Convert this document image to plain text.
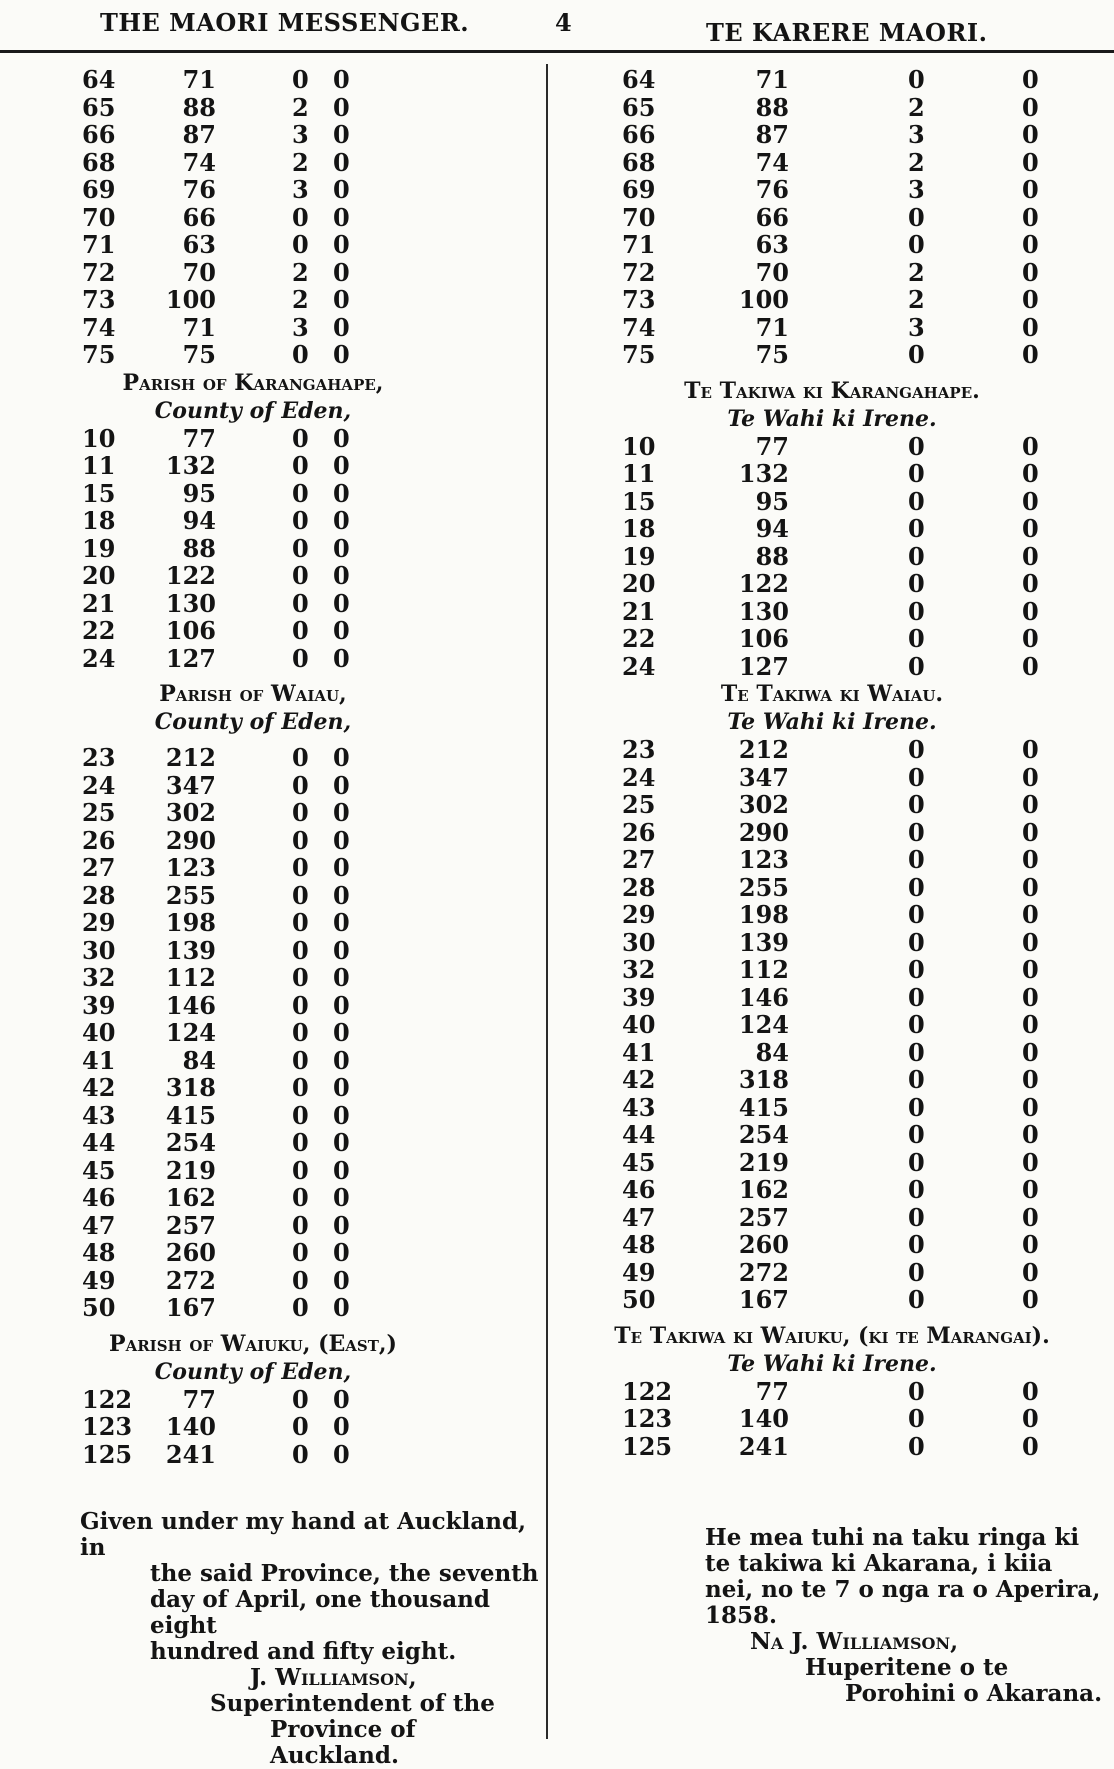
THE MAORI MESSENGER.	4	TE KARERE MAORI.
64	71	0 0
65	88	2 0
66	87	3 0
68	74	2 0
69	76	3 0
70	66	0 0
71	63	0 0
72	70	2 0
73	100	2 0
74	71	3 0
75	75	0 0
Parish of Karangahape,
County of Eden,
10	77	0 0
11	132	0 0
15	95	0 0
18	94	0 0
19	88	0 0
20	122	0 0
21	130	0 0
22	106	0 0
24	127	0 0
Parish of Waiau,
County of Eden,
23	212	0 0
24	347	0 0
25	302	0 0
26	290	0 0
27	123	0 0
28	255	0 0
29	198	0 0
30	139	0 0
32	112	0 0
39	146	0 0
40	124	0 0
41	84	0 0
42	318	0 0
43	415	0 0
44	254	0 0
45	219	0 0
46	162	0 0
47	257	0 0
48	260	0 0
49	272	0 0
50	167	0 0
Parish of Waiuku, (East,)
County of Eden,
122	77	0 0
123	140	0 0
125	241	0 0
64	71	0	0
65	88	2	0
66	87	3	0
68	74	2	0
69	76	3	0
70	66	0	0
71	63	0	0
72	70	2	0
73	100	2	0
74	71	3	0
75	75	0	0
Te Takiwa ki Karangahape.
Te Wahi ki Irene.
10	77	0	0
11	132	0	0
15	95	0	0
18	94	0	0
19	88	0	0
20	122	0	0
21	130	0	0
22	106	0	0
24	127	0	0
Te Takiwa ki Waiau.
Te Wahi ki Irene.
23	212	0	0
24	347	0	0
25	302	0	0
26	290	0	0
27	123	0	0
28	255	0	0
29	198	0	0
30	139	0	0
32	112	0	0
39	146	0	0
40	124	0	0
41	84	0	0
42	318	0	0
43	415	0	0
44	254	0	0
45	219	0	0
46	162	0	0
47	257	0	0
48	260	0	0
49	272	0	0
50	167	0	0
Te Takiwa ki Waiuku, (ki te Marangai).
Te Wahi ki Irene.
122	77	0	0
123	140	0	0
125	241	0	0
Given under my hand at Auckland, in
the said Province, the seventh
day of April, one thousand eight
hundred and fifty eight.
J. Williamson,
Superintendent of the
Province of Auckland.
He mea tuhi na taku ringa ki
te takiwa ki Akarana, i kiia
nei, no te 7 o nga ra o Aperira,
1858.
Na J. Williamson,
Huperitene o te
Porohini o Akarana.
